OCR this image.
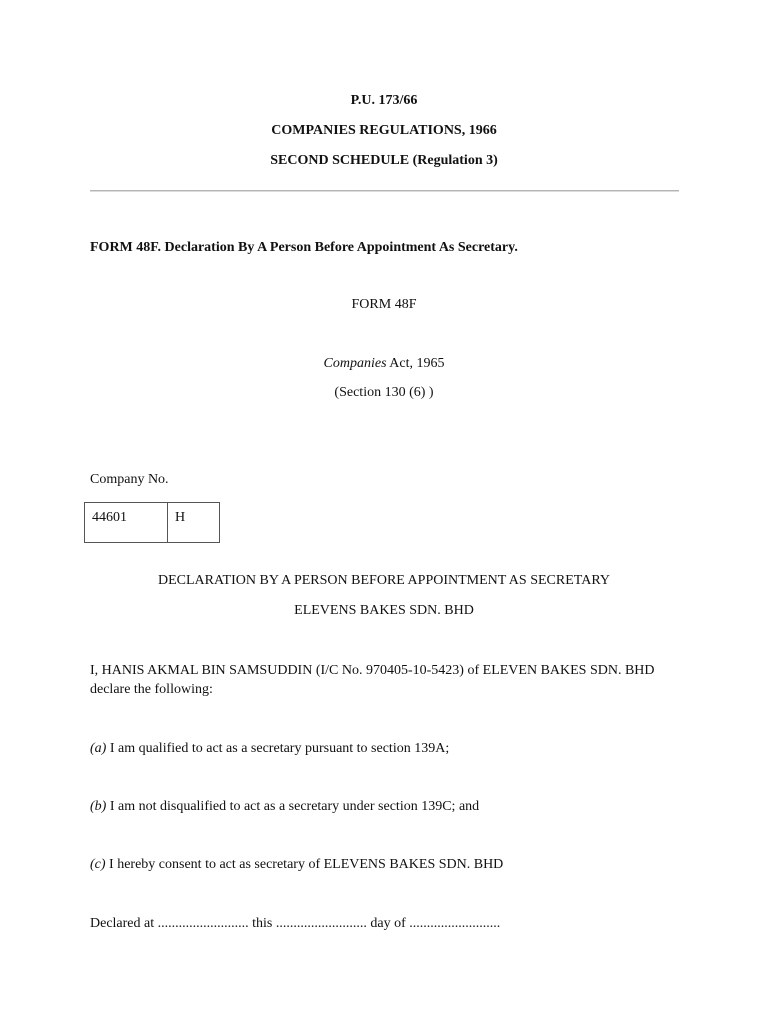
P.U. 173/66
COMPANIES REGULATIONS, 1966
SECOND SCHEDULE (Regulation 3)
FORM 48F. Declaration By A Person Before Appointment As Secretary.
FORM 48F
Companies Act, 1965
(Section 130 (6) )
Company No.
44601	H
DECLARATION BY A PERSON BEFORE APPOINTMENT AS SECRETARY
ELEVENS BAKES SDN. BHD
I, HANIS AKMAL BIN SAMSUDDIN (I/C No. 970405-10-5423) of ELEVEN BAKES SDN. BHD declare the following:
(a) I am qualified to act as a secretary pursuant to section 139A;
(b) I am not disqualified to act as a secretary under section 139C; and
(c) I hereby consent to act as secretary of ELEVENS BAKES SDN. BHD
Declared at .......................... this .......................... day of ..........................
